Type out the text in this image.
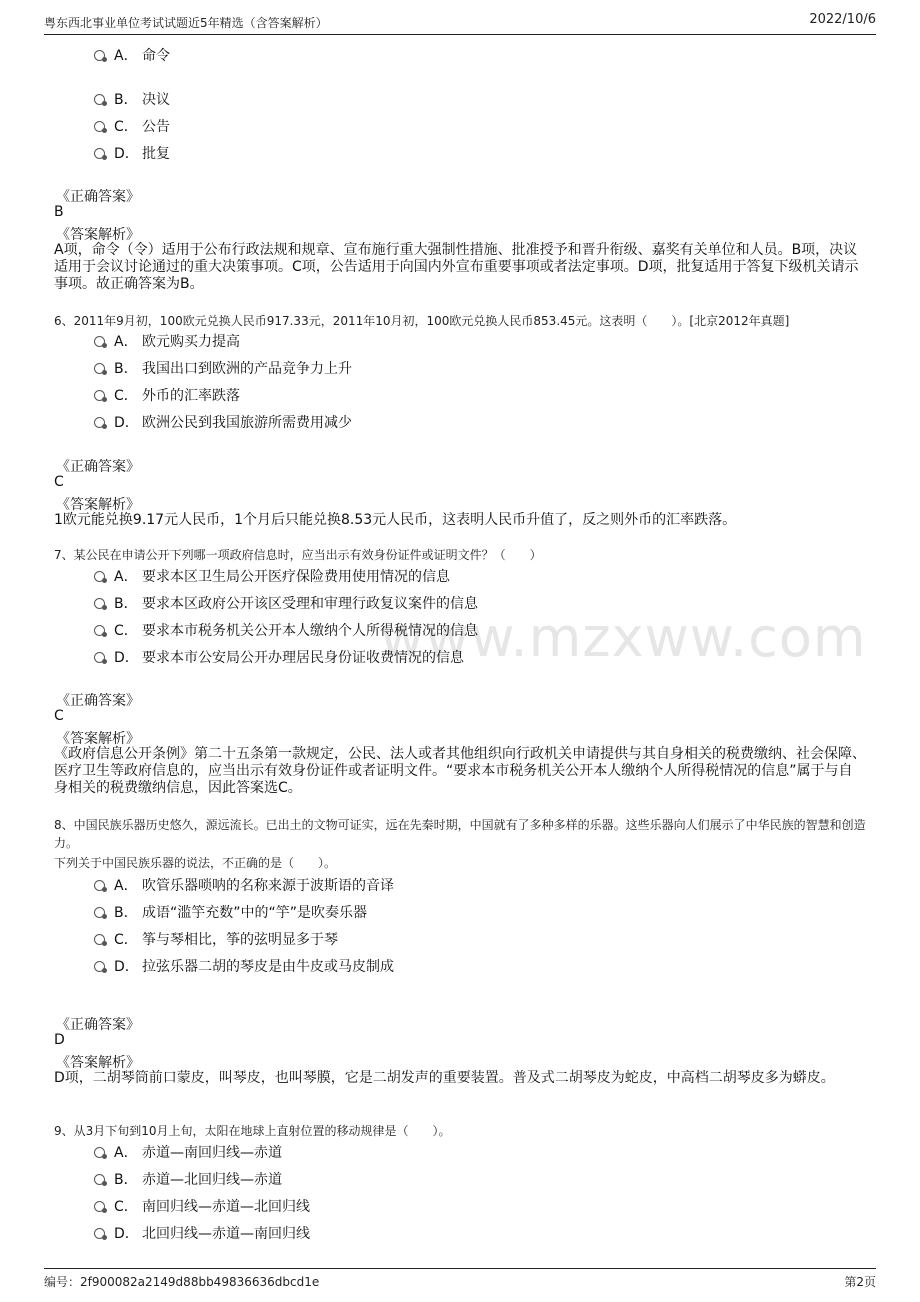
粤东西北事业单位考试试题近5年精选（含答案解析）	2022/10/6
www.mzxww.com
A． 命令
B． 决议
C． 公告
D． 批复
《正确答案》
B
《答案解析》
A项，命令（令）适用于公布行政法规和规章、宣布施行重大强制性措施、批准授予和晋升衔级、嘉奖有关单位和人员。B项，决议适用于会议讨论通过的重大决策事项。C项，公告适用于向国内外宣布重要事项或者法定事项。D项，批复适用于答复下级机关请示事项。故正确答案为B。
6、2011年9月初，100欧元兑换人民币917.33元，2011年10月初，100欧元兑换人民币853.45元。这表明（　　）。[北京2012年真题]
A． 欧元购买力提高
B． 我国出口到欧洲的产品竞争力上升
C． 外币的汇率跌落
D． 欧洲公民到我国旅游所需费用减少
《正确答案》
C
《答案解析》
1欧元能兑换9.17元人民币，1个月后只能兑换8.53元人民币，这表明人民币升值了，反之则外币的汇率跌落。
7、某公民在申请公开下列哪一项政府信息时，应当出示有效身份证件或证明文件？（　　）
A． 要求本区卫生局公开医疗保险费用使用情况的信息
B． 要求本区政府公开该区受理和审理行政复议案件的信息
C． 要求本市税务机关公开本人缴纳个人所得税情况的信息
D． 要求本市公安局公开办理居民身份证收费情况的信息
《正确答案》
C
《答案解析》
《政府信息公开条例》第二十五条第一款规定，公民、法人或者其他组织向行政机关申请提供与其自身相关的税费缴纳、社会保障、医疗卫生等政府信息的，应当出示有效身份证件或者证明文件。“要求本市税务机关公开本人缴纳个人所得税情况的信息”属于与自身相关的税费缴纳信息，因此答案选C。
8、中国民族乐器历史悠久，源远流长。已出土的文物可证实，远在先秦时期，中国就有了多种多样的乐器。这些乐器向人们展示了中华民族的智慧和创造力。
下列关于中国民族乐器的说法，不正确的是（　　）。
A． 吹管乐器唢呐的名称来源于波斯语的音译
B． 成语“滥竽充数”中的“竽”是吹奏乐器
C． 筝与琴相比，筝的弦明显多于琴
D． 拉弦乐器二胡的琴皮是由牛皮或马皮制成
《正确答案》
D
《答案解析》
D项，二胡琴筒前口蒙皮，叫琴皮，也叫琴膜，它是二胡发声的重要装置。普及式二胡琴皮为蛇皮，中高档二胡琴皮多为蟒皮。
9、从3月下旬到10月上旬，太阳在地球上直射位置的移动规律是（　　）。
A． 赤道—南回归线—赤道
B． 赤道—北回归线—赤道
C． 南回归线—赤道—北回归线
D． 北回归线—赤道—南回归线
编号：2f900082a2149d88bb49836636dbcd1e	第2页
